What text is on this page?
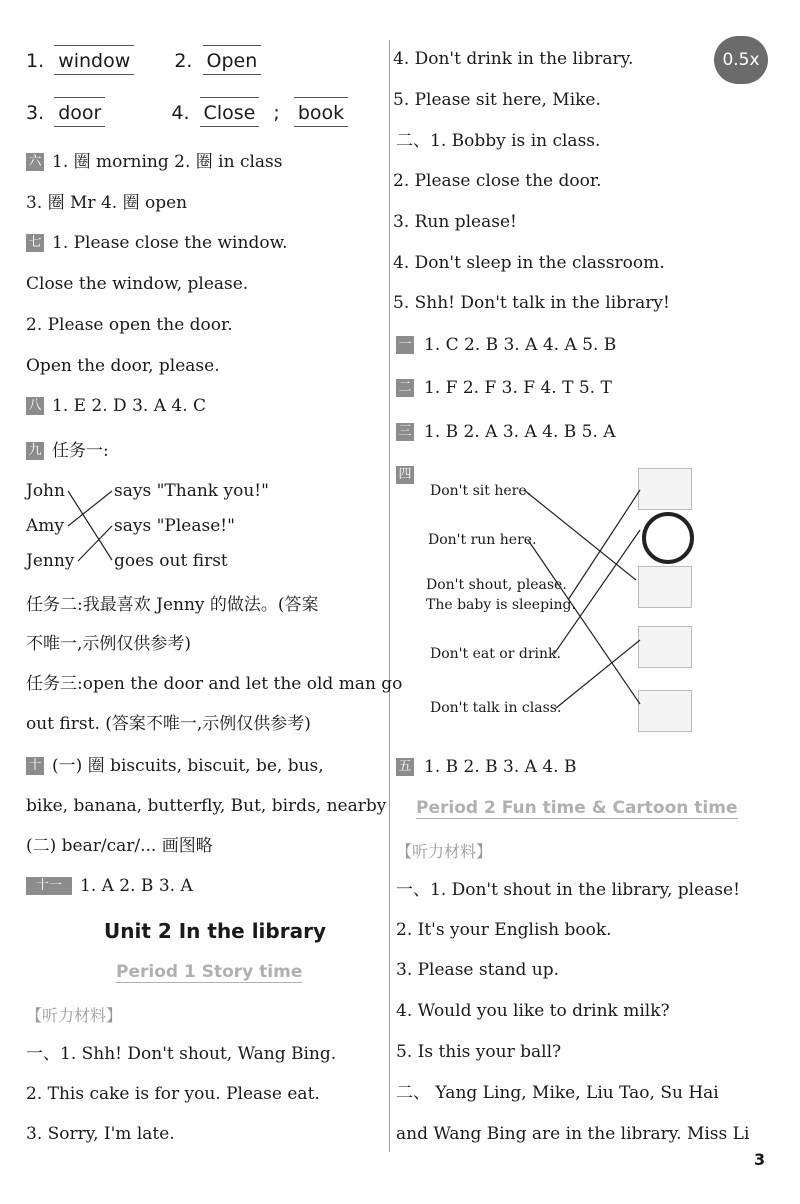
1. window 2. Open
3. door	4. Close ; book
六 1. 圈 morning 2. 圈 in class
3. 圈 Mr 4. 圈 open
七 1. Please close the window.
Close the window, please.
2. Please open the door.
Open the door, please.
八 1. E 2. D 3. A 4. C
九 任务一:
John
Amy
Jenny
says "Thank you!"
says "Please!"
goes out first
任务二:我最喜欢 Jenny 的做法。(答案
不唯一,示例仅供参考)
任务三:open the door and let the old man go
out first. (答案不唯一,示例仅供参考)
十 (一) 圈 biscuits, biscuit, be, bus,
bike, banana, butterfly, But, birds, nearby
(二) bear/car/... 画图略
十一	1. A 2. B 3. A
Unit 2 In the library
Period 1 Story time
【听力材料】
一、1. Shh! Don't shout, Wang Bing.
2. This cake is for you. Please eat.
3. Sorry, I'm late.
0.5x
4. Don't drink in the library.
5. Please sit here, Mike.
二、1. Bobby is in class.
2. Please close the door.
3. Run please!
4. Don't sleep in the classroom.
5. Shh! Don't talk in the library!
一 1. C 2. B 3. A 4. A 5. B
二 1. F 2. F 3. F 4. T 5. T
三 1. B 2. A 3. A 4. B 5. A
四
Don't sit here.
Don't run here.
Don't shout, please.
The baby is sleeping.
Don't eat or drink.
Don't talk in class.
五 1. B 2. B 3. A 4. B
Period 2 Fun time & Cartoon time
【听力材料】
一、1. Don't shout in the library, please!
2. It's your English book.
3. Please stand up.
4. Would you like to drink milk?
5. Is this your ball?
二、 Yang Ling, Mike, Liu Tao, Su Hai
and Wang Bing are in the library. Miss Li
3
